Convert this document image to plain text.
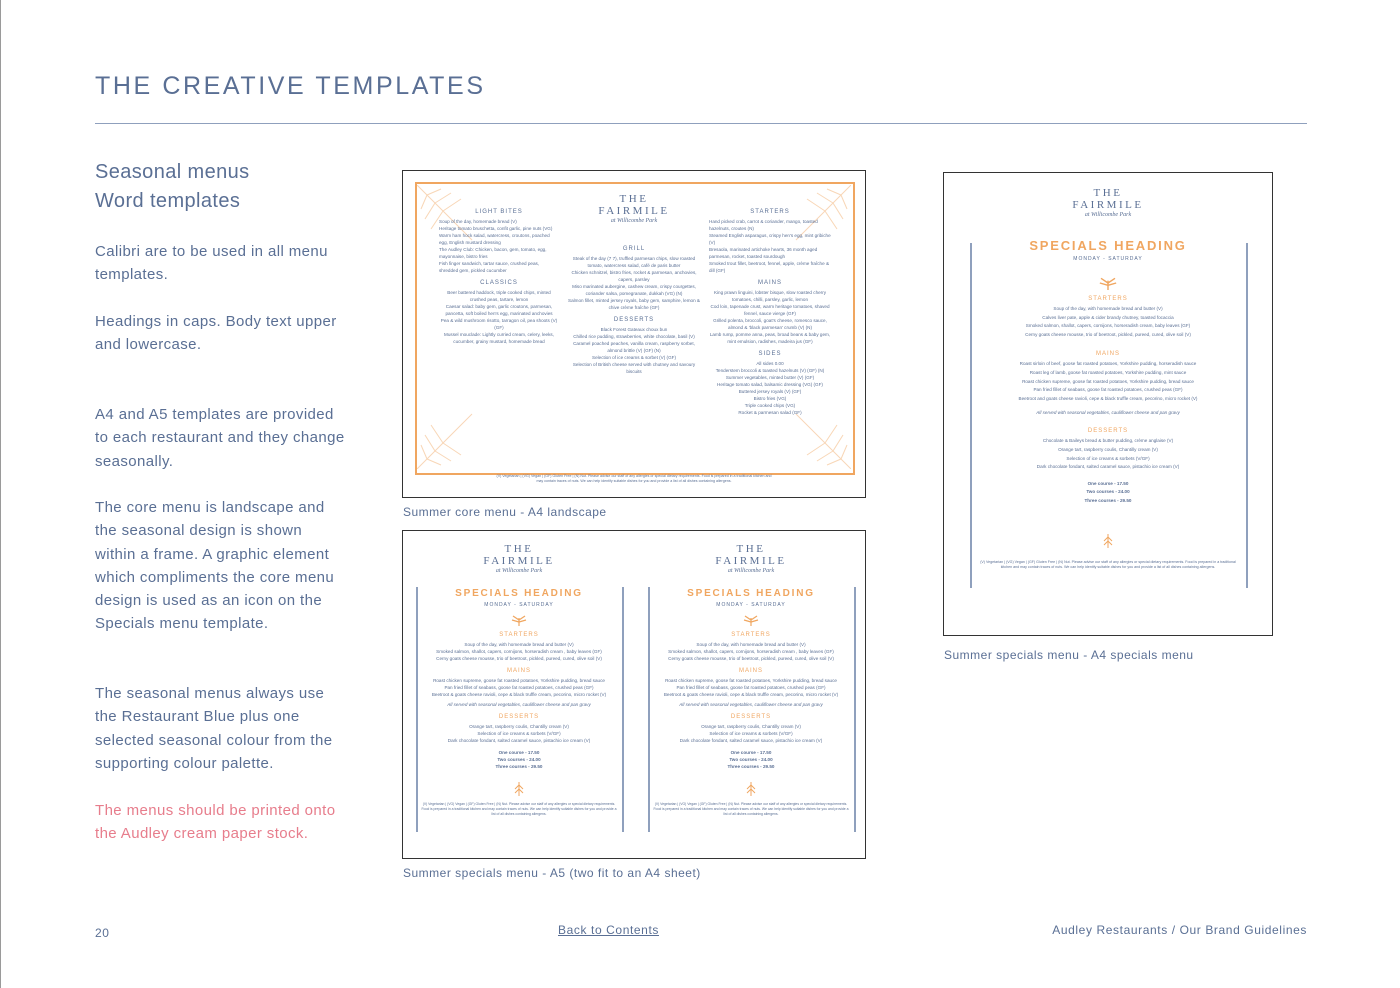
THE CREATIVE TEMPLATES
Seasonal menus
Word templates

Calibri are to be used in all menu templates.

Headings in caps. Body text upper and lowercase.

A4 and A5 templates are provided to each restaurant and they change seasonally.

The core menu is landscape and the seasonal design is shown within a frame. A graphic element which compliments the core menu design is used as an icon on the Specials menu template.

The seasonal menus always use the Restaurant Blue plus one selected seasonal colour from the supporting colour palette.

The menus should be printed onto the Audley cream paper stock.

LIGHT BITES
Soup of the day, homemade bread (V)
Heritage tomato bruschetta, confit garlic, pine nuts (VG)
Warm ham hock salad, watercress, croutons, poached egg, English mustard dressing
The Audley Club: Chicken, bacon, gem, tomato, egg, mayonnaise, bistro fries
Fish finger sandwich, tartar sauce, crushed peas, shredded gem, pickled cucumber
CLASSICS
Beer battered haddock, triple cooked chips, minted crushed peas, tartare, lemon
Caesar salad: baby gem, garlic croutons, parmesan, pancetta, soft boiled hen's egg, marinated anchovies
Pea & wild mushroom risotto, tarragon oil, pea shoots (V) (GF)
Mussel mouclade: Lightly curried cream, celery, leeks, cucumber, grainy mustard, homemade bread
THE
FAIRMILE
at Willicombe Park
GRILL
Steak of the day (7 7), truffled parmesan chips, slow roasted tomato, watercress salad, café de paris butter
Chicken schnitzel, bistro fries, rocket & parmesan, anchovies, capers, parsley
Miso marinated aubergine, cashew cream, crispy courgettes, coriander salsa, pomegranate, dukkah (VG) (N)
Salmon fillet, minted jersey royals, baby gem, samphire, lemon & chive crème fraîche (GF)
DESSERTS
Black Forest Gateaux choux bun
Chilled rice pudding, strawberries, white chocolate, basil (V)
Caramel poached peaches, vanilla cream, raspberry sorbet, almond brittle (V) (GF) (N)
Selection of ice creams & sorbet (V) (GF)
Selection of British cheese served with chutney and savoury biscuits
STARTERS
Hand picked crab, carrot & coriander, mango, toasted hazelnuts, croutes (N)
Steamed English asparagus, crispy hen's egg, mint gribiche (V)
Bresaola, marinated artichoke hearts, 36 month aged parmesan, rocket, toasted sourdough
Smoked trout fillet, beetroot, fennel, apple, crème fraîche & dill (GF)
MAINS
King prawn linguini, lobster bisque, slow roasted cherry tomatoes, chilli, parsley, garlic, lemon
Cod loin, tapenade crust, warm heritage tomatoes, shaved fennel, sauce vierge (GF)
Grilled polenta, broccoli, goat's cheese, romesco sauce, almond & 'black parmesan' crumb (V) (N)
Lamb rump, pomme anna, peas, broad beans & baby gem, mint emulsion, radishes, madeira jus (GF)
SIDES
All sides 0.00
Tenderstem broccoli & toasted hazelnuts (V) (GF) (N)
Summer vegetables, minted butter (V) (GF)
Heritage tomato salad, balsamic dressing (VG) (GF)
Buttered jersey royals (V) (GF)
Bistro fries (VG)
Triple cooked chips (VG)
Rocket & parmesan salad (GF)
(V) Vegetarian | (VG) Vegan | (GF) Gluten Free | (N) Nut. Please advise our staff of any allergies or special dietary requirements. Food is prepared in a traditional kitchen and may contain traces of nuts. We can help identify suitable dishes for you and provide a list of all dishes containing allergens.
Summer core menu - A4 landscape
THE
FAIRMILE
at Willicombe Park
SPECIALS HEADING
MONDAY - SATURDAY
STARTERS
Soup of the day, with homemade bread and butter (V)
Smoked salmon, shallot, capers, cornijons, horseradish cream , baby leaves (GF)
Cerny goats cheese mousse, trio of beetroot, pickled, pureed, cured, olive soil (V)
MAINS
Roast chicken supreme, goose fat roasted potatoes, Yorkshire pudding, bread sauce
Pan fried fillet of seabass, goose fat roasted potatoes, crushed peas (GF)
Beetroot & goats cheese ravioli, cepe & black truffle cream, pecorino, micro rocket (V)
All served with seasonal vegetables, cauliflower cheese and pan gravy
DESSERTS
Orange tart, raspberry coulis, Chantilly cream (V)
Selection of ice creams & sorbets (V/GF)
Dark chocolate fondant, salted caramel sauce, pistachio ice cream (V)
One course - 17.50
Two courses - 24.00
Three courses - 29.50
(V) Vegetarian | (VG) Vegan | (GF) Gluten Free | (N) Nut. Please advise our staff of any allergies or special dietary requirements. Food is prepared in a traditional kitchen and may contain traces of nuts. We can help identify suitable dishes for you and provide a list of all dishes containing allergens.
THE
FAIRMILE
at Willicombe Park
SPECIALS HEADING
MONDAY - SATURDAY
STARTERS
Soup of the day, with homemade bread and butter (V)
Smoked salmon, shallot, capers, cornijons, horseradish cream , baby leaves (GF)
Cerny goats cheese mousse, trio of beetroot, pickled, pureed, cured, olive soil (V)
MAINS
Roast chicken supreme, goose fat roasted potatoes, Yorkshire pudding, bread sauce
Pan fried fillet of seabass, goose fat roasted potatoes, crushed peas (GF)
Beetroot & goats cheese ravioli, cepe & black truffle cream, pecorino, micro rocket (V)
All served with seasonal vegetables, cauliflower cheese and pan gravy
DESSERTS
Orange tart, raspberry coulis, Chantilly cream (V)
Selection of ice creams & sorbets (V/GF)
Dark chocolate fondant, salted caramel sauce, pistachio ice cream (V)
One course - 17.50
Two courses - 24.00
Three courses - 29.50
(V) Vegetarian | (VG) Vegan | (GF) Gluten Free | (N) Nut. Please advise our staff of any allergies or special dietary requirements. Food is prepared in a traditional kitchen and may contain traces of nuts. We can help identify suitable dishes for you and provide a list of all dishes containing allergens.
Summer specials menu - A5 (two fit to an A4 sheet)
THE
FAIRMILE
at Willicombe Park
SPECIALS HEADING
MONDAY - SATURDAY
STARTERS
Soup of the day, with homemade bread and butter (V)
Calves liver pate, apple & cider brandy chutney, toasted focaccia
Smoked salmon, shallot, capers, cornijons, horseradish cream, baby leaves (GF)
Cerny goats cheese mousse, trio of beetroot, pickled, pureed, cured, olive soil (V)
MAINS
Roast sirloin of beef, goose fat roasted potatoes, Yorkshire pudding, horseradish sauce
Roast leg of lamb, goose fat roasted potatoes, Yorkshire pudding, mint sauce
Roast chicken supreme, goose fat roasted potatoes, Yorkshire pudding, bread sauce
Pan fried fillet of seabass, goose fat roasted potatoes, crushed peas (GF)
Beetroot and goats cheese ravioli, cepe & black truffle cream, pecorino, micro rocket (V)
All served with seasonal vegetables, cauliflower cheese and pan gravy
DESSERTS
Chocolate & Baileys bread & butter pudding, crème anglaise (V)
Orange tart, raspberry coulis, Chantilly cream (V)
Selection of ice creams & sorbets (V/GF)
Dark chocolate fondant, salted caramel sauce, pistachio ice cream (V)
One course - 17.50
Two courses - 24.00
Three courses - 29.50
(V) Vegetarian | (VG) Vegan | (GF) Gluten Free | (N) Nut. Please advise our staff of any allergies or special dietary requirements. Food is prepared in a traditional kitchen and may contain traces of nuts. We can help identify suitable dishes for you and provide a list of all dishes containing allergens.
Summer specials menu - A4 specials menu
20	Back to Contents	Audley Restaurants / Our Brand Guidelines
